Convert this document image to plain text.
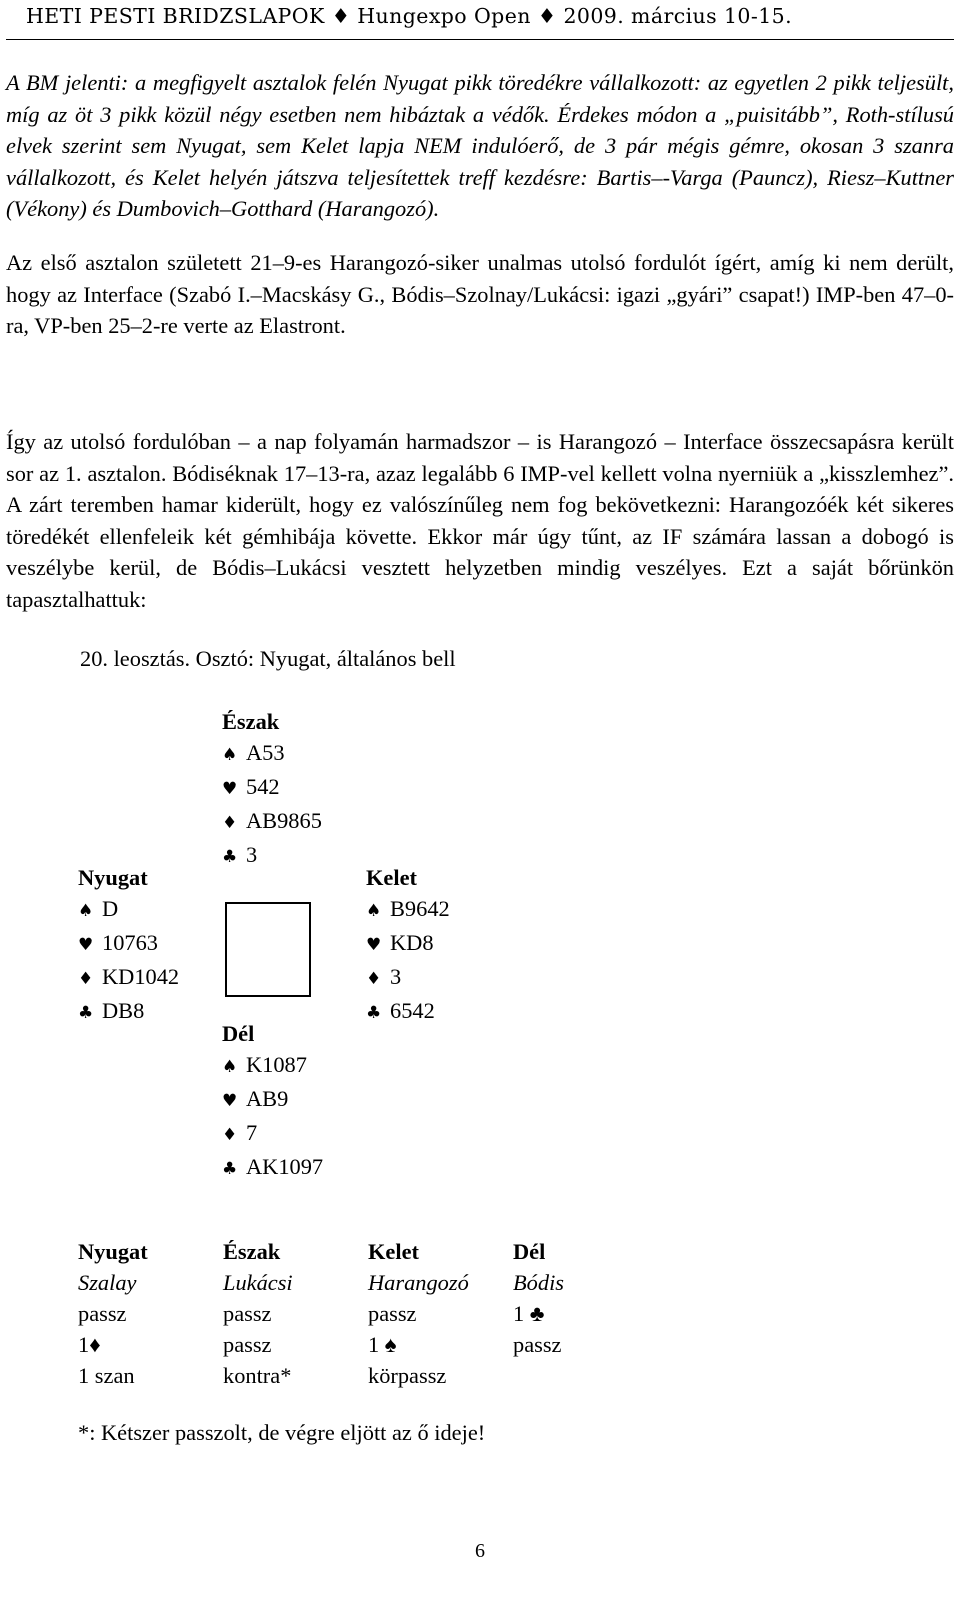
HETI PESTI BRIDZSLAPOK ♦ Hungexpo Open ♦ 2009. március 10-15.

A BM jelenti: a megfigyelt asztalok felén Nyugat pikk töredékre vállalkozott: az egyetlen 2 pikk teljesült, míg az öt 3 pikk közül négy esetben nem hibáztak a védők. Érdekes módon a „puisitább”, Roth-stílusú elvek szerint sem Nyugat, sem Kelet lapja NEM indulóerő, de 3 pár mégis gémre, okosan 3 szanra vállalkozott, és Kelet helyén játszva teljesítettek treff kezdésre: Bartis–-Varga (Pauncz), Riesz–Kuttner (Vékony) és Dumbovich–Gotthard (Harangozó).

Az első asztalon született 21–9-es Harangozó-siker unalmas utolsó fordulót ígért, amíg ki nem derült, hogy az Interface (Szabó I.–Macskásy G., Bódis–Szolnay/Lukácsi: igazi „gyári” csapat!) IMP-ben 47–0-ra, VP-ben 25–2-re verte az Elastront.

20. leosztás. Osztó: Nyugat, általános bell
Észak
♠ A53
♥ 542
♦ AB9865
♣ 3
Nyugat
♠ D
♥ 10763
♦ KD1042
♣ DB8
Kelet
♠ B9642
♥ KD8
♦ 3
♣ 6542
Dél
♠ K1087
♥ AB9
♦ 7
♣ AK1097
Nyugat	Észak	Kelet	Dél
Szalay	Lukácsi	Harangozó	Bódis
passz	passz	passz	1 ♣
1♦	passz	1 ♠	passz
1 szan	kontra*	körpassz
*: Kétszer passzolt, de végre eljött az ő ideje!
6

Így az utolsó fordulóban – a nap folyamán harmadszor – is Harangozó – Interface összecsapásra került sor az 1. asztalon. Bódiséknak 17–13-ra, azaz legalább 6 IMP-vel kellett volna nyerniük a „kisszlemhez”. A zárt teremben hamar kiderült, hogy ez valószínűleg nem fog bekövetkezni: Harangozóék két sikeres töredékét ellenfeleik két gémhibája követte. Ekkor már úgy tűnt, az IF számára lassan a dobogó is veszélybe kerül, de Bódis–Lukácsi vesztett helyzetben mindig veszélyes. Ezt a saját bőrünkön tapasztalhattuk:
